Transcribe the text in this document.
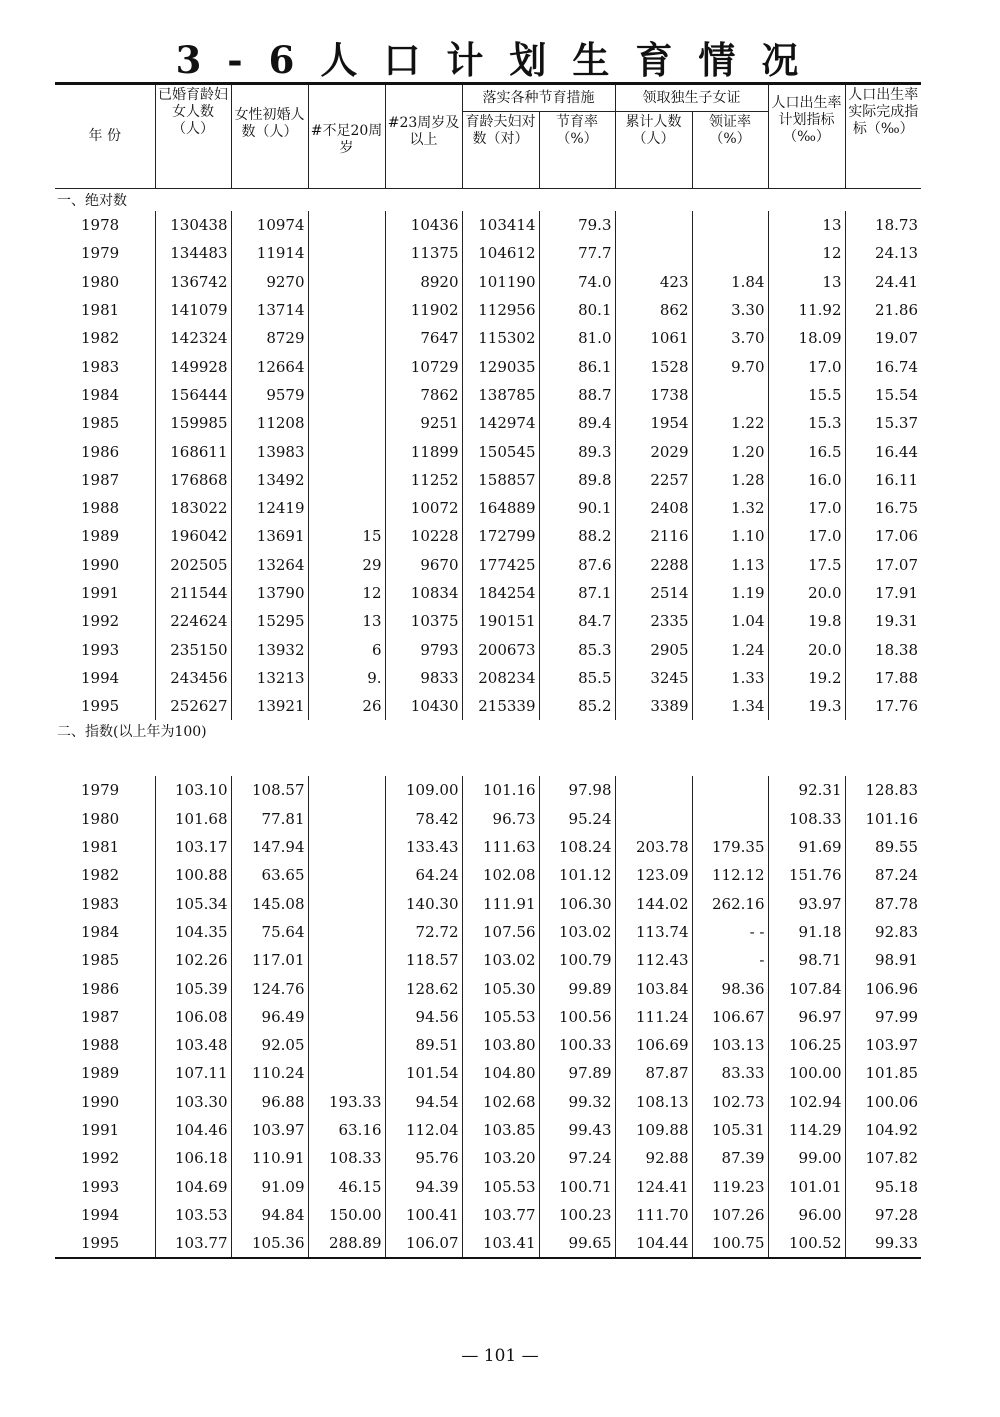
3-6人口计划生育情况
年 份	已婚育龄妇女人数（人）	女性初婚人数（人）	#不足20周岁	#23周岁及以上	落实各种节育措施		领取独生子女证		人口出生率计划指标（‰）	人口出生率实际完成指标（‰）
					育龄夫妇对数（对）	节育率（%）	累计人数（人）	领证率（%）		
一、绝对数										
1978	130438	10974		10436	103414	79.3			13	18.73
1979	134483	11914		11375	104612	77.7			12	24.13
1980	136742	9270		8920	101190	74.0	423	1.84	13	24.41
1981	141079	13714		11902	112956	80.1	862	3.30	11.92	21.86
1982	142324	8729		7647	115302	81.0	1061	3.70	18.09	19.07
1983	149928	12664		10729	129035	86.1	1528	9.70	17.0	16.74
1984	156444	9579		7862	138785	88.7	1738		15.5	15.54
1985	159985	11208		9251	142974	89.4	1954	1.22	15.3	15.37
1986	168611	13983		11899	150545	89.3	2029	1.20	16.5	16.44
1987	176868	13492		11252	158857	89.8	2257	1.28	16.0	16.11
1988	183022	12419		10072	164889	90.1	2408	1.32	17.0	16.75
1989	196042	13691	15	10228	172799	88.2	2116	1.10	17.0	17.06
1990	202505	13264	29	9670	177425	87.6	2288	1.13	17.5	17.07
1991	211544	13790	12	10834	184254	87.1	2514	1.19	20.0	17.91
1992	224624	15295	13	10375	190151	84.7	2335	1.04	19.8	19.31
1993	235150	13932	6	9793	200673	85.3	2905	1.24	20.0	18.38
1994	243456	13213	9.	9833	208234	85.5	3245	1.33	19.2	17.88
1995	252627	13921	26	10430	215339	85.2	3389	1.34	19.3	17.76
二、指数(以上年为100)										
1979	103.10	108.57		109.00	101.16	97.98			92.31	128.83
1980	101.68	77.81		78.42	96.73	95.24			108.33	101.16
1981	103.17	147.94		133.43	111.63	108.24	203.78	179.35	91.69	89.55
1982	100.88	63.65		64.24	102.08	101.12	123.09	112.12	151.76	87.24
1983	105.34	145.08		140.30	111.91	106.30	144.02	262.16	93.97	87.78
1984	104.35	75.64		72.72	107.56	103.02	113.74	- -	91.18	92.83
1985	102.26	117.01		118.57	103.02	100.79	112.43	-	98.71	98.91
1986	105.39	124.76		128.62	105.30	99.89	103.84	98.36	107.84	106.96
1987	106.08	96.49		94.56	105.53	100.56	111.24	106.67	96.97	97.99
1988	103.48	92.05		89.51	103.80	100.33	106.69	103.13	106.25	103.97
1989	107.11	110.24		101.54	104.80	97.89	87.87	83.33	100.00	101.85
1990	103.30	96.88	193.33	94.54	102.68	99.32	108.13	102.73	102.94	100.06
1991	104.46	103.97	63.16	112.04	103.85	99.43	109.88	105.31	114.29	104.92
1992	106.18	110.91	108.33	95.76	103.20	97.24	92.88	87.39	99.00	107.82
1993	104.69	91.09	46.15	94.39	105.53	100.71	124.41	119.23	101.01	95.18
1994	103.53	94.84	150.00	100.41	103.77	100.23	111.70	107.26	96.00	97.28
1995	103.77	105.36	288.89	106.07	103.41	99.65	104.44	100.75	100.52	99.33
— 101 —
